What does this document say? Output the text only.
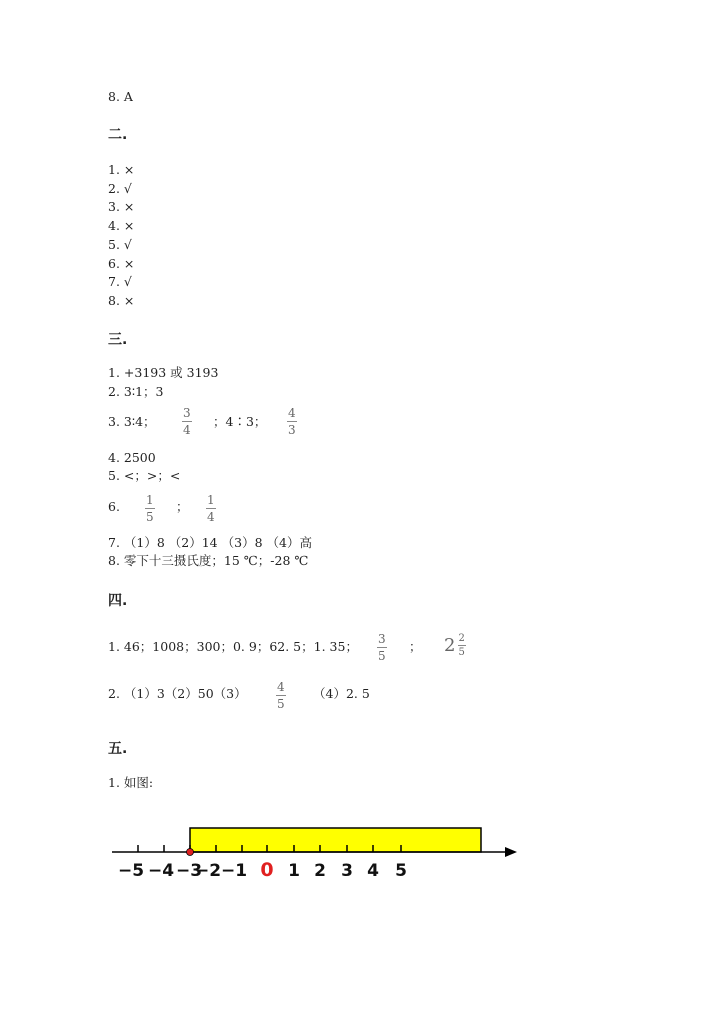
8. A
二.
1. ×
2. √
3. ×
4. ×
5. √
6. ×
7. √
8. ×
三.
1. +3193 或 3193
2. 3∶1；3
3. 3∶4；
3
4
；4∶3；
4
3
4. 2500
5. <；>；<
6. 1
5
； 1
4
7. （1）8 （2）14 （3）8 （4）高
8. 零下十三摄氏度；15 ℃；-28 ℃
四.
1. 46；1008；300；0. 9；62. 5；1. 35； 3
5
； $2 \frac{2}{5}$
2. （1）3（2）50（3）	4
5
（4）2. 5
五.
1. 如图:
−5 −4 −3
−2 −1 0 1 2 3 4 5
